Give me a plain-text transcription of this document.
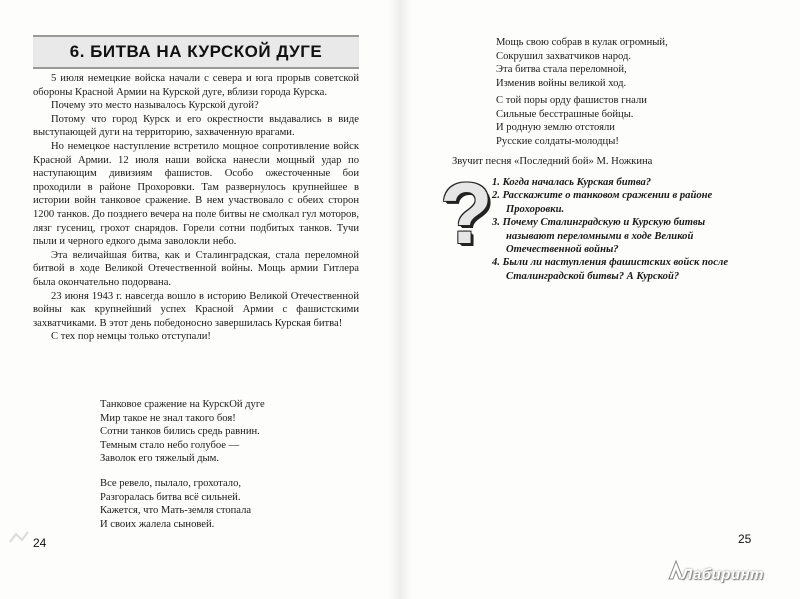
6. БИТВА НА КУРСКОЙ ДУГЕ

5 июля немецкие войска начали с севера и юга прорыв советской обороны Красной Армии на Курской дуге, вблизи города Курска.

Почему это место называлось Курской дугой?

Потому что город Курск и его окрестности выдавались в виде выступающей дуги на территорию, захваченную врагами.

Но немецкое наступление встретило мощное сопротивление войск Красной Армии. 12 июля наши войска нанесли мощный удар по наступающим дивизиям фашистов. Особо ожесточенные бои проходили в районе Прохоровки. Там развернулось крупнейшее в истории войн танковое сражение. В нем участвовало с обеих сторон 1200 танков. До позднего вечера на поле битвы не смолкал гул моторов, лязг гусениц, грохот снарядов. Горели сотни подбитых танков. Тучи пыли и черного едкого дыма заволокли небо.

Эта величайшая битва, как и Сталинградская, стала переломной битвой в ходе Великой Отечественной войны. Мощь армии Гитлера была окончательно подорвана.

23 июня 1943 г. навсегда вошло в историю Великой Отечественной войны как крупнейший успех Красной Армии с фашистскими захватчиками. В этот день победоносно завершилась Курская битва!

С тех пор немцы только отступали!

Танковое сражение на КурскОй дуге

Мир такое не знал такого боя!

Сотни танков бились средь равнин.

Темным стало небо голубое —

Заволок его тяжелый дым.

Все ревело, пылало, грохотало,

Разгоралась битва всё сильней.

Кажется, что Мать-земля стопала

И своих жалела сыновей.

24

Мощь свою собрав в кулак огромный,

Сокрушил захватчиков народ.

Эта битва стала переломной,

Изменив войны великой ход.

С той поры орду фашистов гнали

Сильные бесстрашные бойцы.

И родную землю отстояли

Русские солдаты-молодцы!

Звучит песня «Последний бой» М. Ножкина
? 1. Когда началась Курская битва?
2. Расскажите о танковом сражении в районе Прохоровки.
3. Почему Сталинградскую и Курскую битвы называют переломными в ходе Великой Отечественной войны?
4. Были ли наступления фашистских войск после Сталинградской битвы? А Курской?
25
Лабиринт
